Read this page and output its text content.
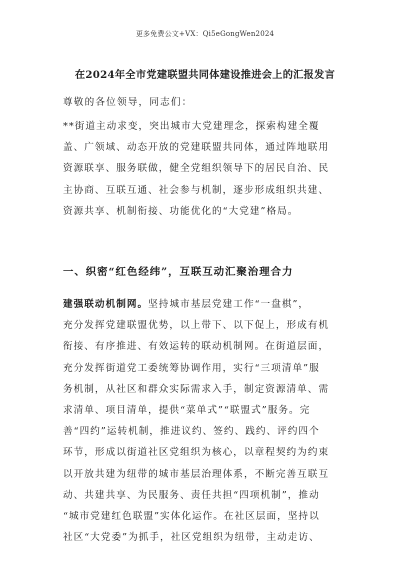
更多免费公文+VX：Qi5eGongWen2024
在2024年全市党建联盟共同体建设推进会上的汇报发言
尊敬的各位领导，同志们：
**街道主动求变，突出城市大党建理念，探索构建全覆
盖、广领域、动态开放的党建联盟共同体，通过阵地联用
资源联享、服务联做，健全党组织领导下的居民自治、民
主协商、互联互通、社会参与机制，逐步形成组织共建、
资源共享、机制衔接、功能优化的“大党建”格局。
一、织密“红色经纬”，互联互动汇聚治理合力
建强联动机制网。坚持城市基层党建工作“一盘棋”，
充分发挥党建联盟优势，以上带下、以下促上，形成有机
衔接、有序推进、有效运转的联动机制网。在街道层面，
充分发挥街道党工委统筹协调作用，实行“三项清单”服
务机制，从社区和群众实际需求入手，制定资源清单、需
求清单、项目清单，提供“菜单式”“联盟式”服务。完
善“四约”运转机制，推进议约、签约、践约、评约四个
环节，形成以街道社区党组织为核心，以章程契约为约束
以开放共建为纽带的城市基层治理体系，不断完善互联互
动、共建共享、为民服务、责任共担“四项机制”，推动
“城市党建红色联盟”实体化运作。在社区层面，坚持以
社区“大党委”为抓手，社区党组织为纽带，主动走访、
